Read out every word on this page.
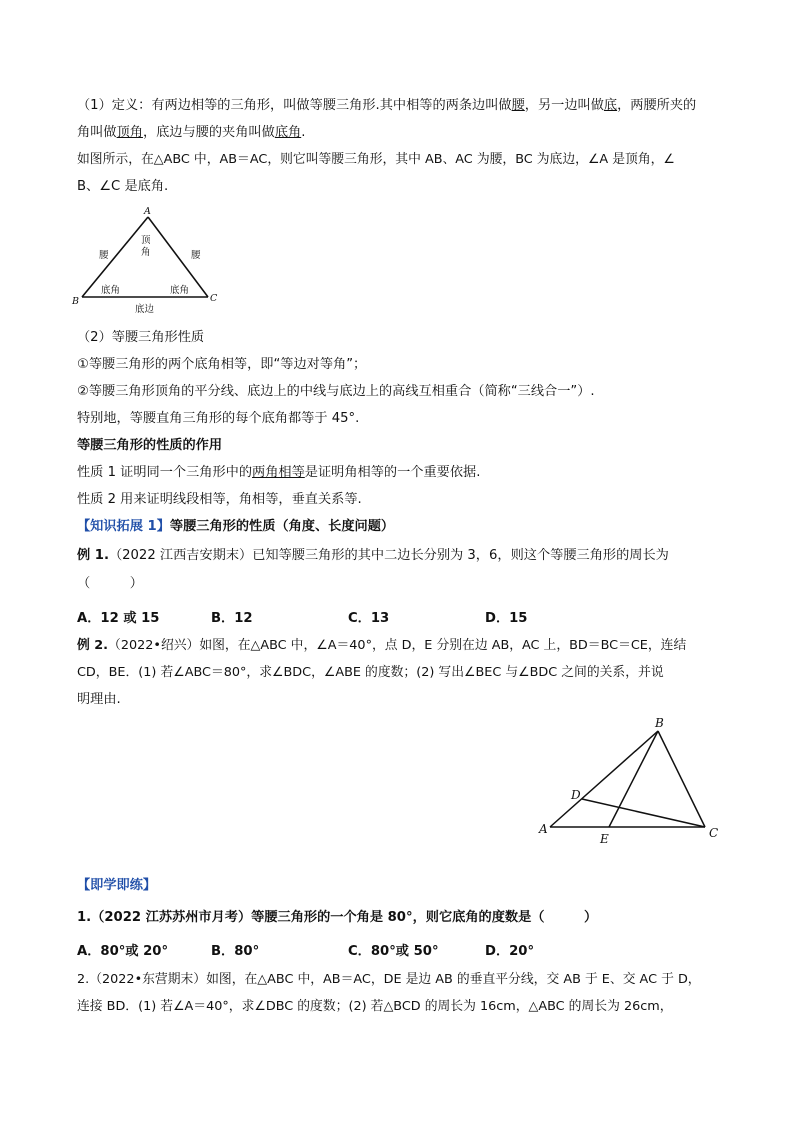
（1）定义：有两边相等的三角形，叫做等腰三角形.其中相等的两条边叫做腰，另一边叫做底，两腰所夹的
角叫做顶角，底边与腰的夹角叫做底角.
如图所示，在△ABC 中，AB＝AC，则它叫等腰三角形，其中 AB、AC 为腰，BC 为底边，∠A 是顶角，∠
B、∠C 是底角.
A
B	C
顶
角
腰	腰
底角	底角
底边
（2）等腰三角形性质
①等腰三角形的两个底角相等，即“等边对等角”；
②等腰三角形顶角的平分线、底边上的中线与底边上的高线互相重合（简称“三线合一”）.
特别地，等腰直角三角形的每个底角都等于 45°.
等腰三角形的性质的作用
性质 1 证明同一个三角形中的两角相等是证明角相等的一个重要依据.
性质 2 用来证明线段相等，角相等，垂直关系等.
【知识拓展 1】等腰三角形的性质（角度、长度问题）
例 1.（2022 江西吉安期末）已知等腰三角形的其中二边长分别为 3，6，则这个等腰三角形的周长为
（　　　）
A．12 或 15	B．12	C．13	D．15
例 2.（2022•绍兴）如图，在△ABC 中，∠A＝40°，点 D，E 分别在边 AB，AC 上，BD＝BC＝CE，连结
CD，BE．(1) 若∠ABC＝80°，求∠BDC，∠ABE 的度数；(2) 写出∠BEC 与∠BDC 之间的关系，并说
明理由.
B
A	C
D
E
【即学即练】
1.（2022 江苏苏州市月考）等腰三角形的一个角是 80°，则它底角的度数是（　　　）
A．80°或 20°	B．80°	C．80°或 50°	D．20°
2.（2022•东营期末）如图，在△ABC 中，AB＝AC，DE 是边 AB 的垂直平分线，交 AB 于 E、交 AC 于 D，
连接 BD．(1) 若∠A＝40°，求∠DBC 的度数；(2) 若△BCD 的周长为 16cm，△ABC 的周长为 26cm，
